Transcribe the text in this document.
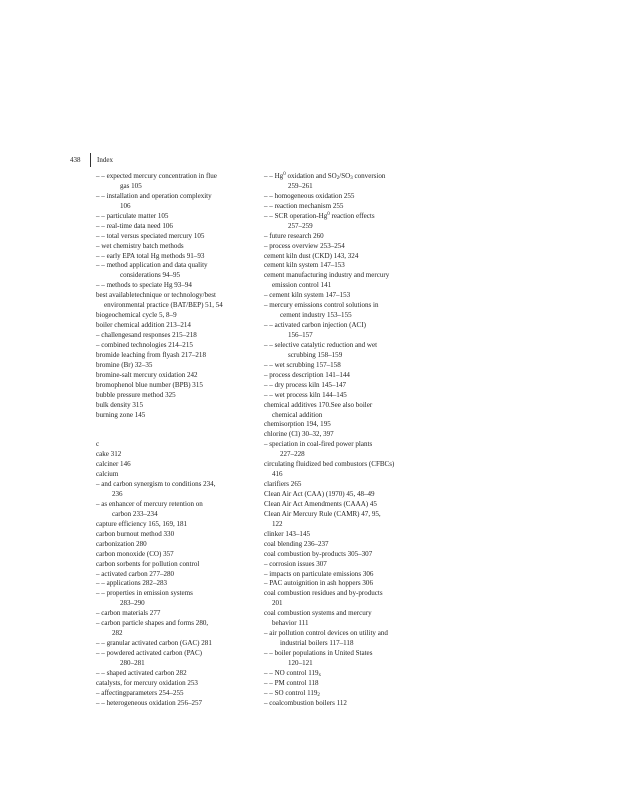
438 Index
– – expected mercury concentration in flue
gas 105
– – installation and operation complexity
106
– – particulate matter 105
– – real-time data need 106
– – total versus speciated mercury 105
– wet chemistry batch methods
– – early EPA total Hg methods 91–93
– – method application and data quality
considerations 94–95
– – methods to speciate Hg 93–94
best availabletechnique or technology/best
environmental practice (BAT/BEP) 51, 54
biogeochemical cycle 5, 8–9
boiler chemical addition 213–214
– challengesand responses 215–218
– combined technologies 214–215
bromide leaching from flyash 217–218
bromine (Br) 32–35
bromine-salt mercury oxidation 242
bromophenol blue number (BPB) 315
bubble pressure method 325
bulk density 315
burning zone 145
c
cake 312
calciner 146
calcium
– and carbon synergism to conditions 234,
236
– as enhancer of mercury retention on
carbon 233–234
capture efficiency 165, 169, 181
carbon burnout method 330
carbonization 280
carbon monoxide (CO) 357
carbon sorbents for pollution control
– activated carbon 277–280
– – applications 282–283
– – properties in emission systems
283–290
– carbon materials 277
– carbon particle shapes and forms 280,
282
– – granular activated carbon (GAC) 281
– – powdered activated carbon (PAC)
280–281
– – shaped activated carbon 282
catalysts, for mercury oxidation 253
– affectingparameters 254–255
– – heterogeneous oxidation 256–257
– – Hg$^0$ oxidation and $SO_2/SO_3$ conversion
259–261
– – homogeneous oxidation 255
– – reaction mechanism 255
– – SCR operation-Hg$^0$ reaction effects
257–259
– future research 260
– process overview 253–254
cement kiln dust (CKD) 143, 324
cement kiln system 147–153
cement manufacturing industry and mercury
emission control 141
– cement kiln system 147–153
– mercury emissions control solutions in
cement industry 153–155
– – activated carbon injection (ACI)
156–157
– – selective catalytic reduction and wet
scrubbing 158–159
– – wet scrubbing 157–158
– process description 141–144
– – dry process kiln 145–147
– – wet process kiln 144–145
chemical additives 170.See also boiler
chemical addition
chemisorption 194, 195
chlorine (Cl) 30–32, 397
– speciation in coal-fired power plants
227–228
circulating fluidized bed combustors (CFBCs)
416
clarifiers 265
Clean Air Act (CAA) (1970) 45, 48–49
Clean Air Act Amendments (CAAA) 45
Clean Air Mercury Rule (CAMR) 47, 95,
122
clinker 143–145
coal blending 236–237
coal combustion by-products 305–307
– corrosion issues 307
– impacts on particulate emissions 306
– PAC autoignition in ash hoppers 306
coal combustion residues and by-products
201
coal combustion systems and mercury
behavior 111
– air pollution control devices on utility and
industrial boilers 117–118
– – boiler populations in United States
120–121
– – NO control $119_x$
– – PM control 118
– – SO control $119_2$
– coalcombustion boilers 112
